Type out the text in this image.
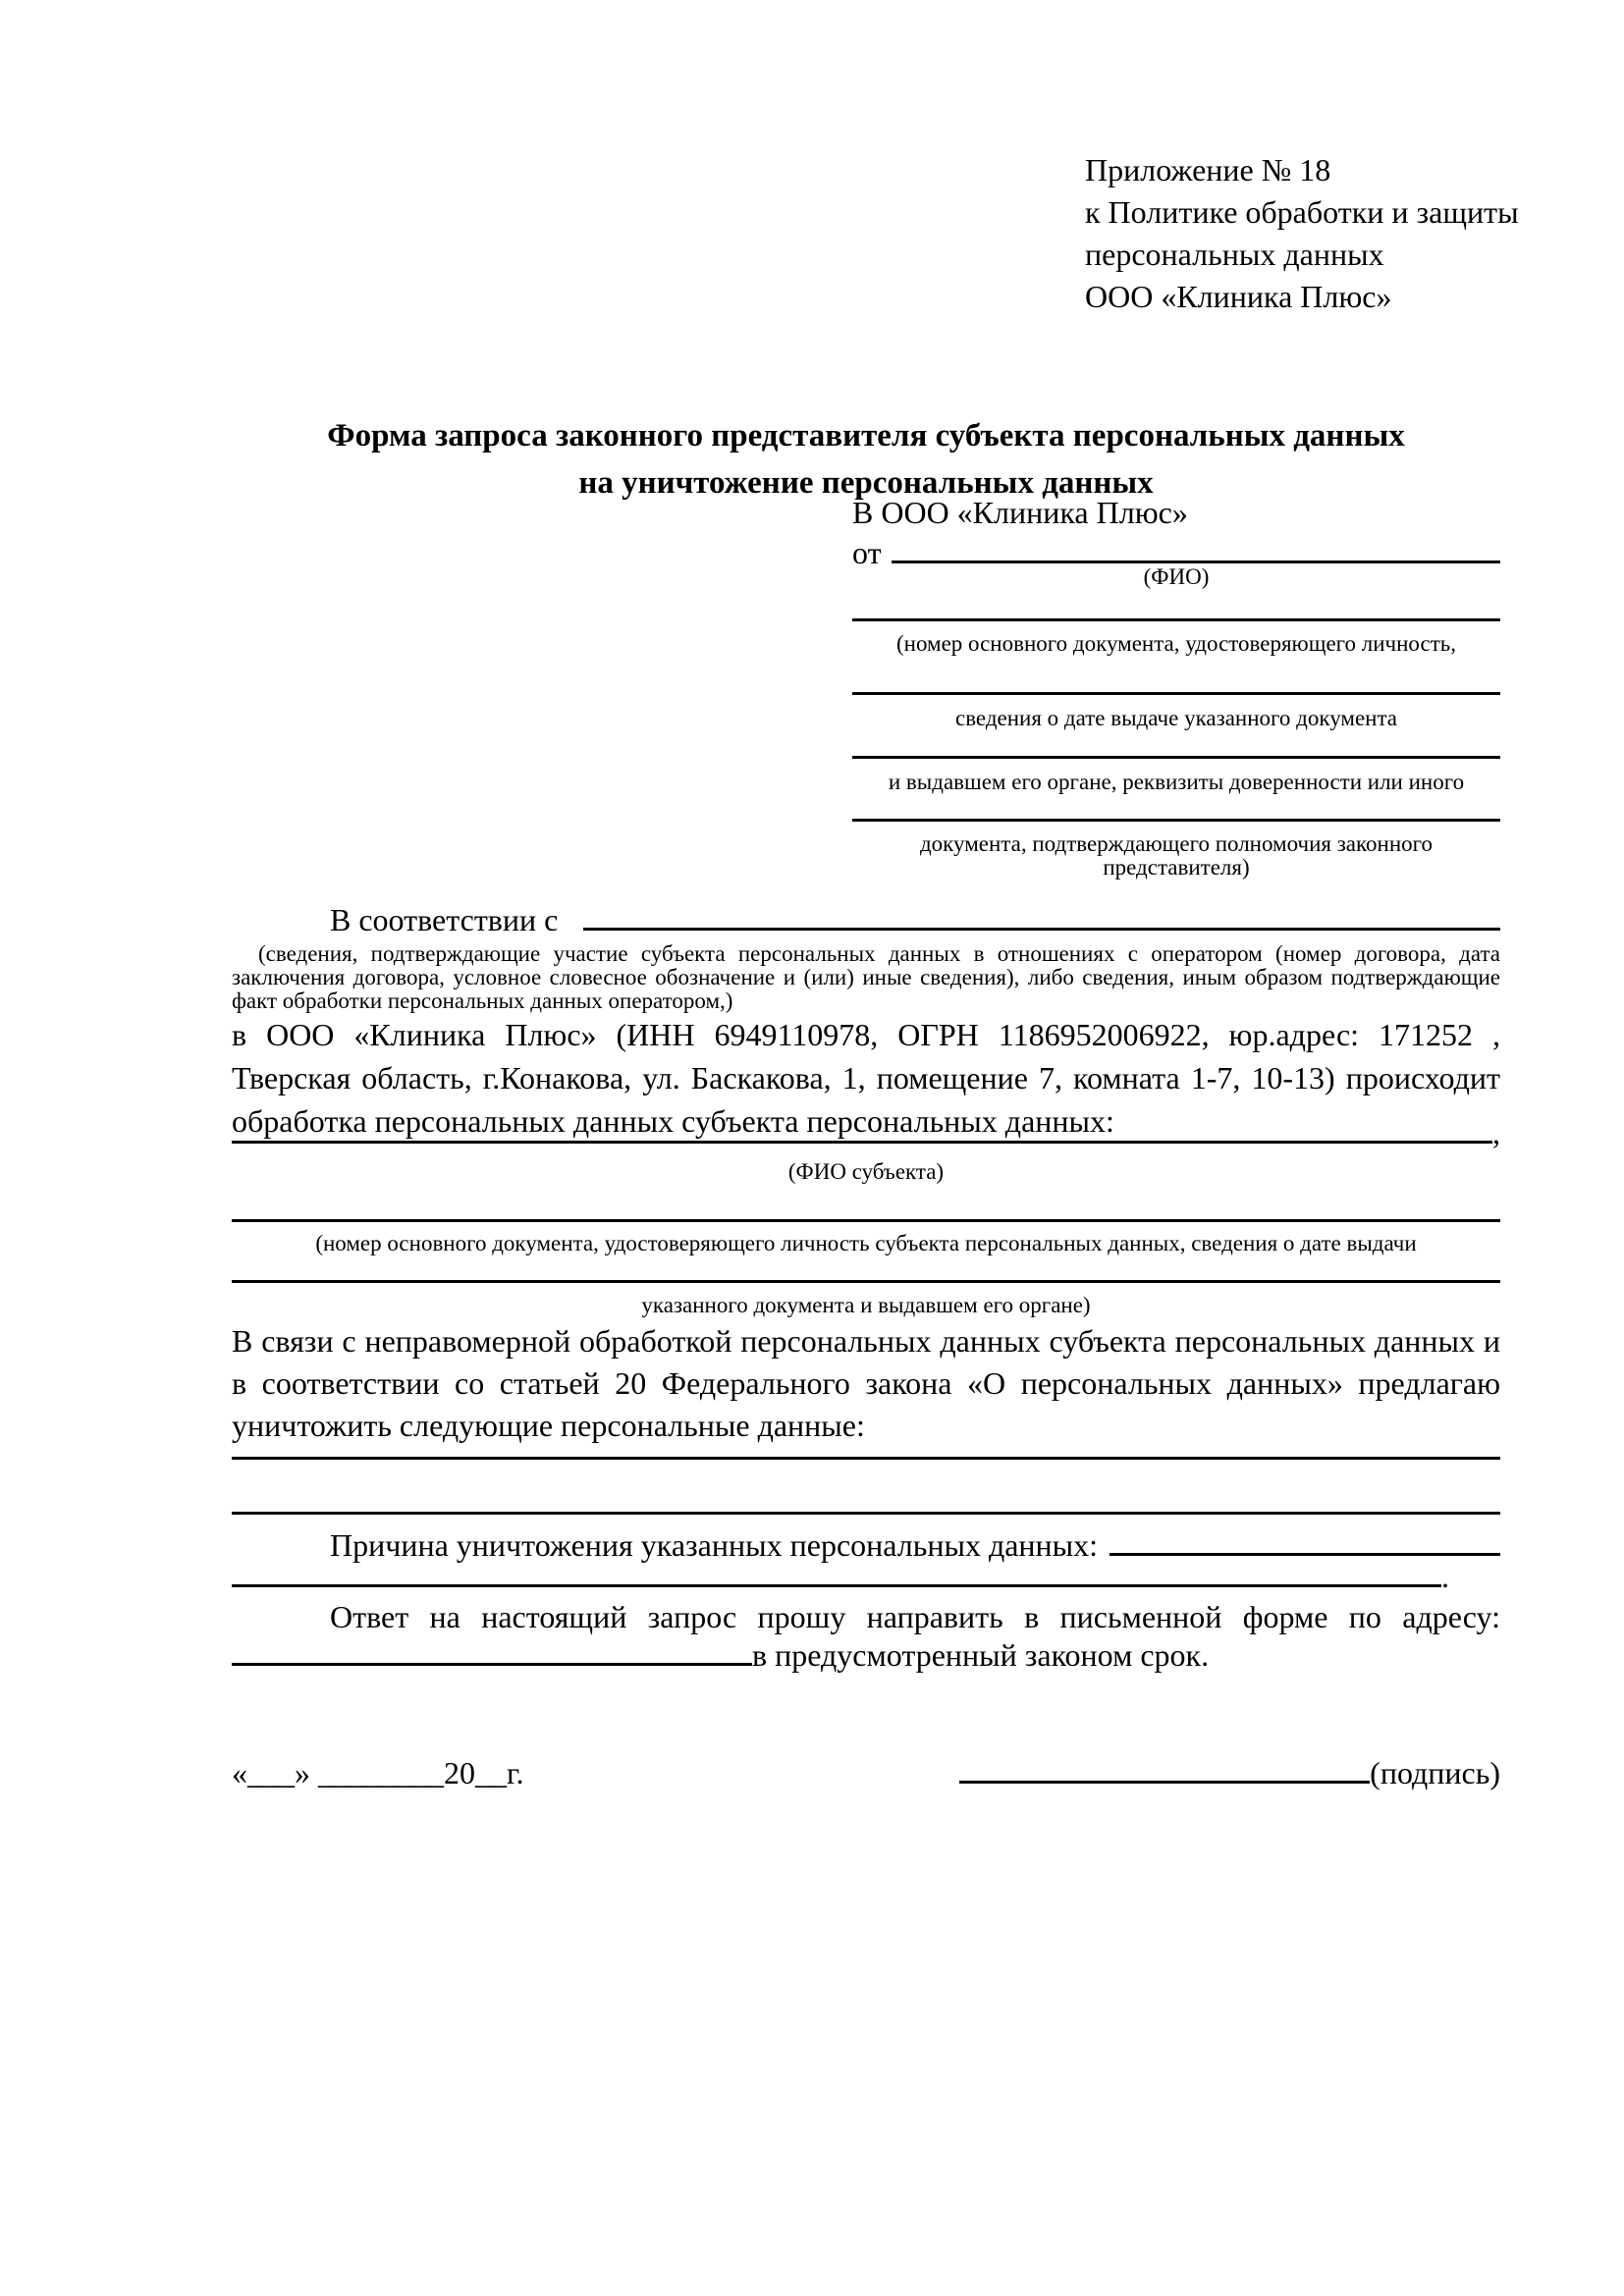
Приложение № 18
к Политике обработки и защиты
персональных данных
ООО «Клиника Плюс»
Форма запроса законного представителя субъекта персональных данных
на уничтожение персональных данных
В ООО «Клиника Плюс»
от
(ФИО)
(номер основного документа, удостоверяющего личность,
сведения о дате выдаче указанного документа
и выдавшем его органе, реквизиты доверенности или иного
документа, подтверждающего полномочия законного представителя)
В соответствии с
(сведения, подтверждающие участие субъекта персональных данных в отношениях с оператором (номер договора, дата заключения договора, условное словесное обозначение и (или) иные сведения), либо сведения, иным образом подтверждающие факт обработки персональных данных оператором,)
в ООО «Клиника Плюс» (ИНН 6949110978, ОГРН 1186952006922, юр.адрес: 171252 , Тверская область, г.Конакова, ул. Баскакова, 1, помещение 7, комната 1-7, 10-13) происходит обработка персональных данных субъекта персональных данных:	,
(ФИО субъекта)
(номер основного документа, удостоверяющего личность субъекта персональных данных, сведения о дате выдачи
указанного документа и выдавшем его органе)
В связи с неправомерной обработкой персональных данных субъекта персональных данных и в соответствии со статьей 20 Федерального закона «О персональных данных» предлагаю уничтожить следующие персональные данные:
Причина уничтожения указанных персональных данных:
.
Ответ на настоящий запрос прошу направить в письменной форме по адресу:
в предусмотренный законом срок.
«___» ________20__г.	(подпись)
